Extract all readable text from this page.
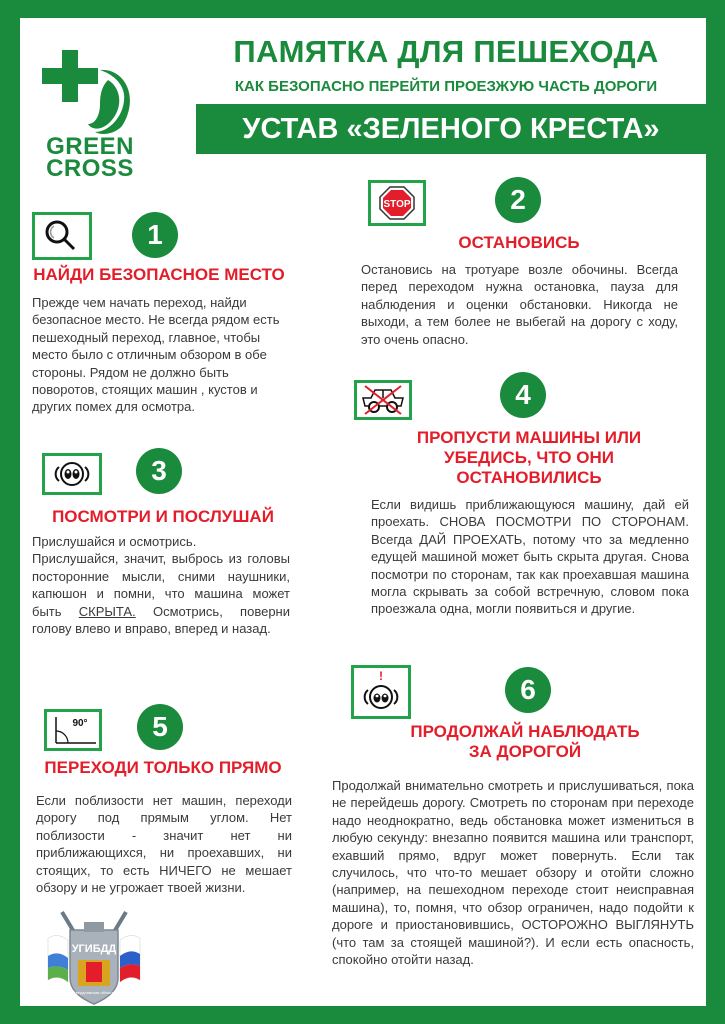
GREEN
CROSS
ПАМЯТКА ДЛЯ ПЕШЕХОДА
КАК БЕЗОПАСНО ПЕРЕЙТИ ПРОЕЗЖУЮ ЧАСТЬ ДОРОГИ
УСТАВ «ЗЕЛЕНОГО КРЕСТА»
1
НАЙДИ БЕЗОПАСНОЕ МЕСТО
Прежде чем начать переход, найди безопасное место. Не всегда рядом есть пешеходный переход, главное, чтобы место было с отличным обзором в обе стороны. Рядом не должно быть поворотов, стоящих машин , кустов и других помех для осмотра.
STOP	2
ОСТАНОВИСЬ
Остановись на тротуаре возле обочины. Всегда перед переходом нужна остановка, пауза для наблюдения и оценки обстановки. Никогда не выходи, а тем более не выбегай на дорогу с ходу, это очень опасно.
3
ПОСМОТРИ И ПОСЛУШАЙ
Прислушайся и осмотрись.
Прислушайся, значит, выбрось из головы посторонние мысли, сними наушники, капюшон и помни, что машина может быть СКРЫТА. Осмотрись, поверни голову влево и вправо, вперед и назад.
4
ПРОПУСТИ МАШИНЫ ИЛИ
УБЕДИСЬ, ЧТО ОНИ
ОСТАНОВИЛИСЬ
Если видишь приближающуюся машину, дай ей проехать. СНОВА ПОСМОТРИ ПО СТОРОНАМ. Всегда ДАЙ ПРОЕХАТЬ, потому что за медленно едущей машиной может быть скрыта другая. Снова посмотри по сторонам, так как проехавшая машина могла скрывать за собой встречную, словом пока проезжала одна, могли появиться и другие.
90°	5
ПЕРЕХОДИ ТОЛЬКО ПРЯМО
Если поблизости нет машин, переходи дорогу под прямым углом. Нет поблизости - значит нет ни приближающихся, ни проехавших, ни стоящих, то есть НИЧЕГО не мешает обзору и не угрожает твоей жизни.
!	6
ПРОДОЛЖАЙ НАБЛЮДАТЬ
ЗА ДОРОГОЙ
Продолжай внимательно смотреть и прислушиваться, пока не перейдешь дорогу. Смотреть по сторонам при переходе надо неоднократно, ведь обстановка может измениться в любую секунду: внезапно появится машина или транспорт, ехавший прямо, вдруг может повернуть. Если так случилось, что что-то мешает обзору и отойти сложно (например, на пешеходном переходе стоит неисправная машина), то, помня, что обзор ограничен, надо подойти к дороге и приостановившись, ОСТОРОЖНО ВЫГЛЯНУТЬ (что там за стоящей машиной?). И если есть опасность, спокойно отойти назад.
УГИБДД
Свердловская область
